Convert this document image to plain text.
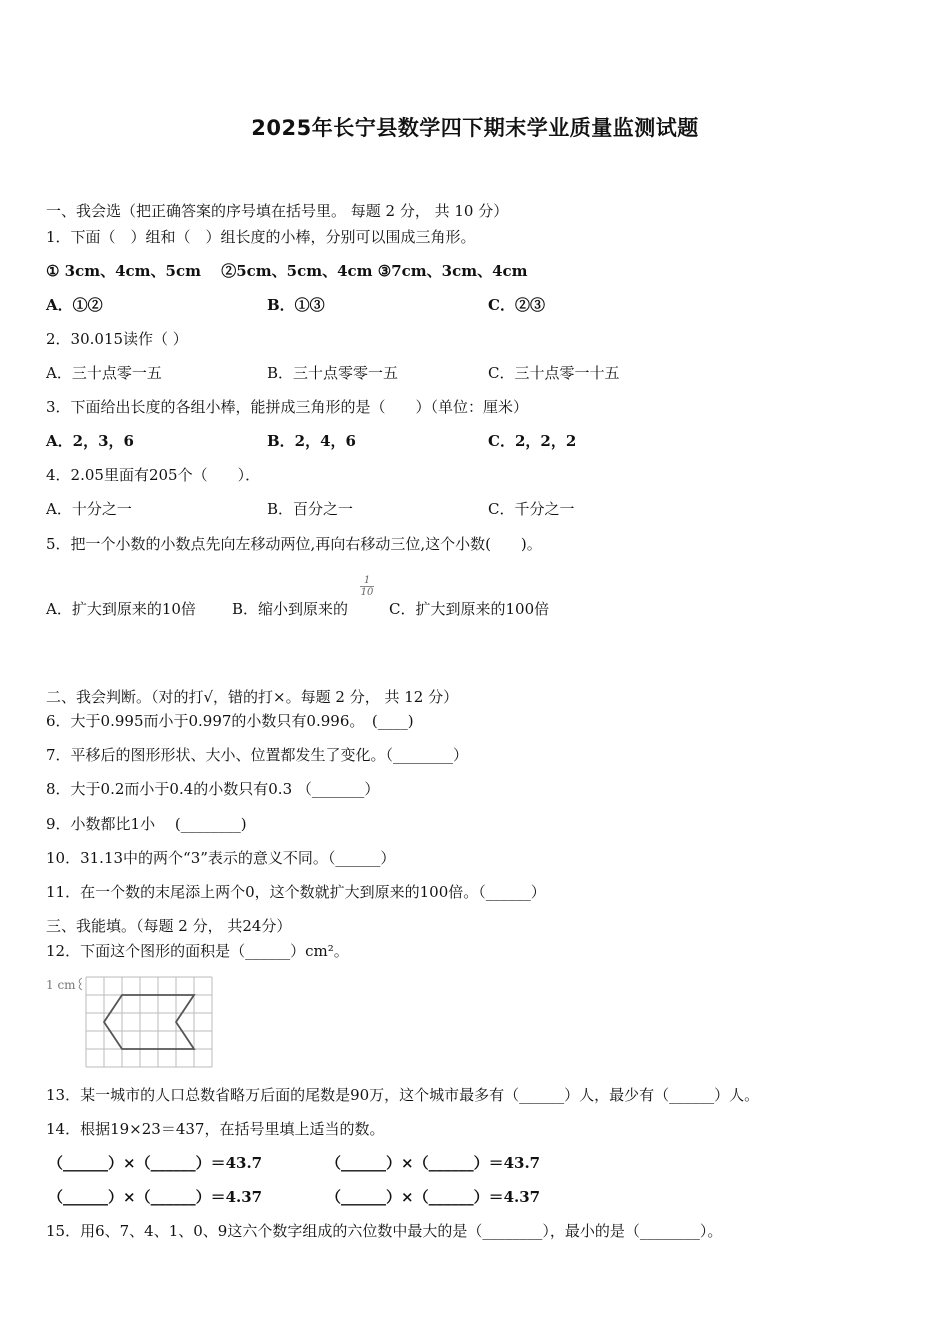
2025年长宁县数学四下期末学业质量监测试题
一、我会选（把正确答案的序号填在括号里。 每题 2 分， 共 10 分）
1．下面（　）组和（　）组长度的小棒，分别可以围成三角形。
① 3cm、4cm、5cm　 ②5cm、5cm、4cm ③7cm、3cm、4cm
A．①②	B．①③	C．②③
2．30.015读作（ ）
A．三十点零一五	B．三十点零零一五	C．三十点零一十五
3．下面给出长度的各组小棒，能拼成三角形的是（　　）（单位：厘米）
A．2，3，6	B．2，4，6	C．2，2，2
4．2.05里面有205个（　　）．
A．十分之一	B．百分之一	C．千分之一
5．把一个小数的小数点先向左移动两位,再向右移动三位,这个小数(　　)。
A．扩大到原来的10倍 B．缩小到原来的
$\frac{1}{10}$
C．扩大到原来的100倍
二、我会判断。（对的打√，错的打×。每题 2 分， 共 12 分）
6．大于0.995而小于0.997的小数只有0.996。　(____)
7．平移后的图形形状、大小、位置都发生了变化。（________）
8．大于0.2而小于0.4的小数只有0.3 （_______）
9．小数都比1小 　(________)
10．31.13中的两个“3”表示的意义不同。（______）
11．在一个数的末尾添上两个0，这个数就扩大到原来的100倍。（______）
三、我能填。（每题 2 分， 共24分）
12．下面这个图形的面积是（______）cm²。
1 cm
13．某一城市的人口总数省略万后面的尾数是90万，这个城市最多有（______）人，最少有（______）人。
14．根据19×23＝437，在括号里填上适当的数。
（______）×（______）＝43.7	（______）×（______）＝43.7
（______）×（______）＝4.37	（______）×（______）＝4.37
15．用6、7、4、1、0、9这六个数字组成的六位数中最大的是（________），最小的是（________）。
